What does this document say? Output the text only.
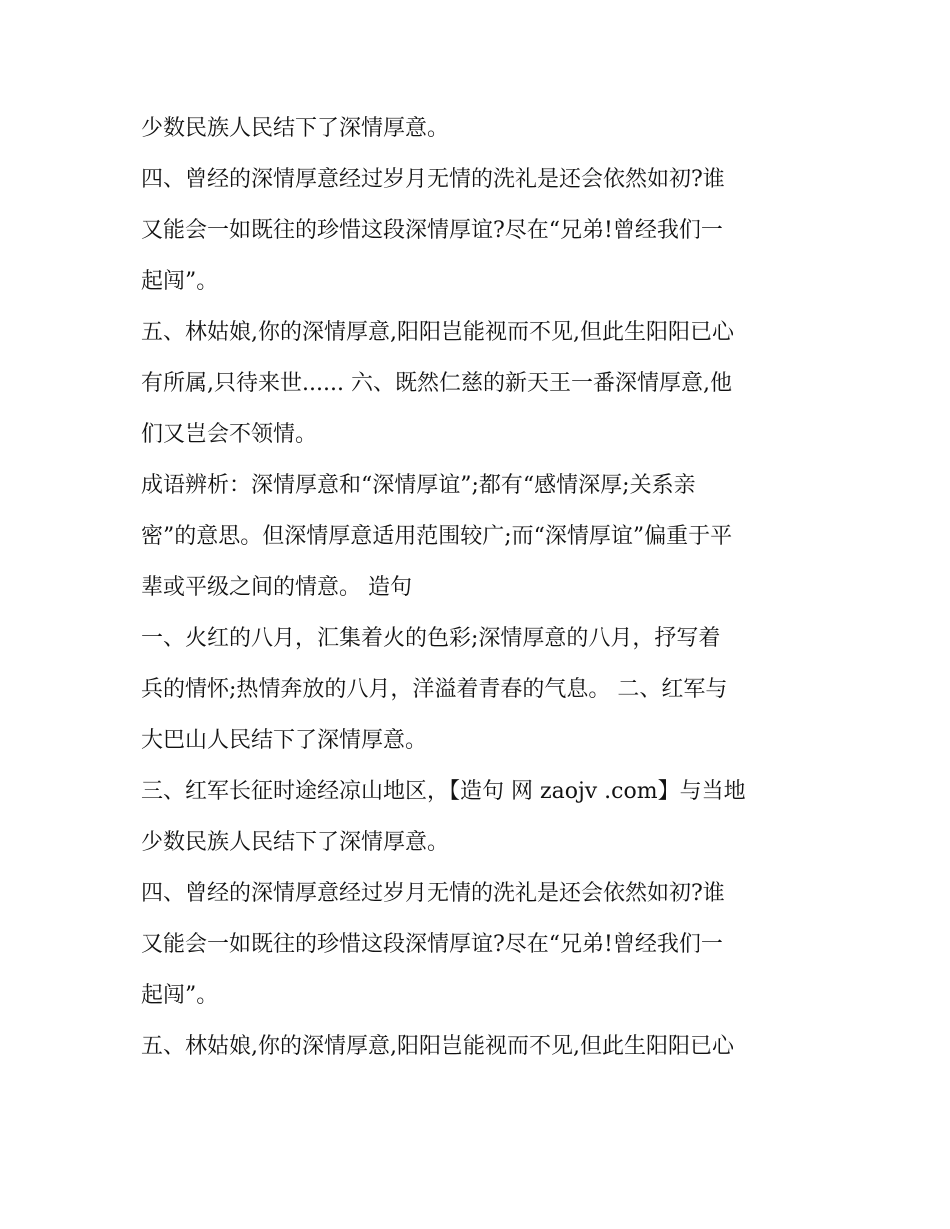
少数民族人民结下了深情厚意。
四、曾经的深情厚意经过岁月无情的洗礼是还会依然如初?谁
又能会一如既往的珍惜这段深情厚谊?尽在“兄弟!曾经我们一
起闯”。
五、林姑娘,你的深情厚意,阳阳岂能视而不见,但此生阳阳已心
有所属,只待来世...... 六、既然仁慈的新天王一番深情厚意,他
们又岂会不领情。
成语辨析：深情厚意和“深情厚谊”;都有“感情深厚;关系亲
密”的意思。但深情厚意适用范围较广;而“深情厚谊”偏重于平
辈或平级之间的情意。 造句
一、火红的八月，汇集着火的色彩;深情厚意的八月，抒写着
兵的情怀;热情奔放的八月，洋溢着青春的气息。 二、红军与
大巴山人民结下了深情厚意。
三、红军长征时途经凉山地区，【造句 网 zaojv .com】与当地
少数民族人民结下了深情厚意。
四、曾经的深情厚意经过岁月无情的洗礼是还会依然如初?谁
又能会一如既往的珍惜这段深情厚谊?尽在“兄弟!曾经我们一
起闯”。
五、林姑娘,你的深情厚意,阳阳岂能视而不见,但此生阳阳已心
